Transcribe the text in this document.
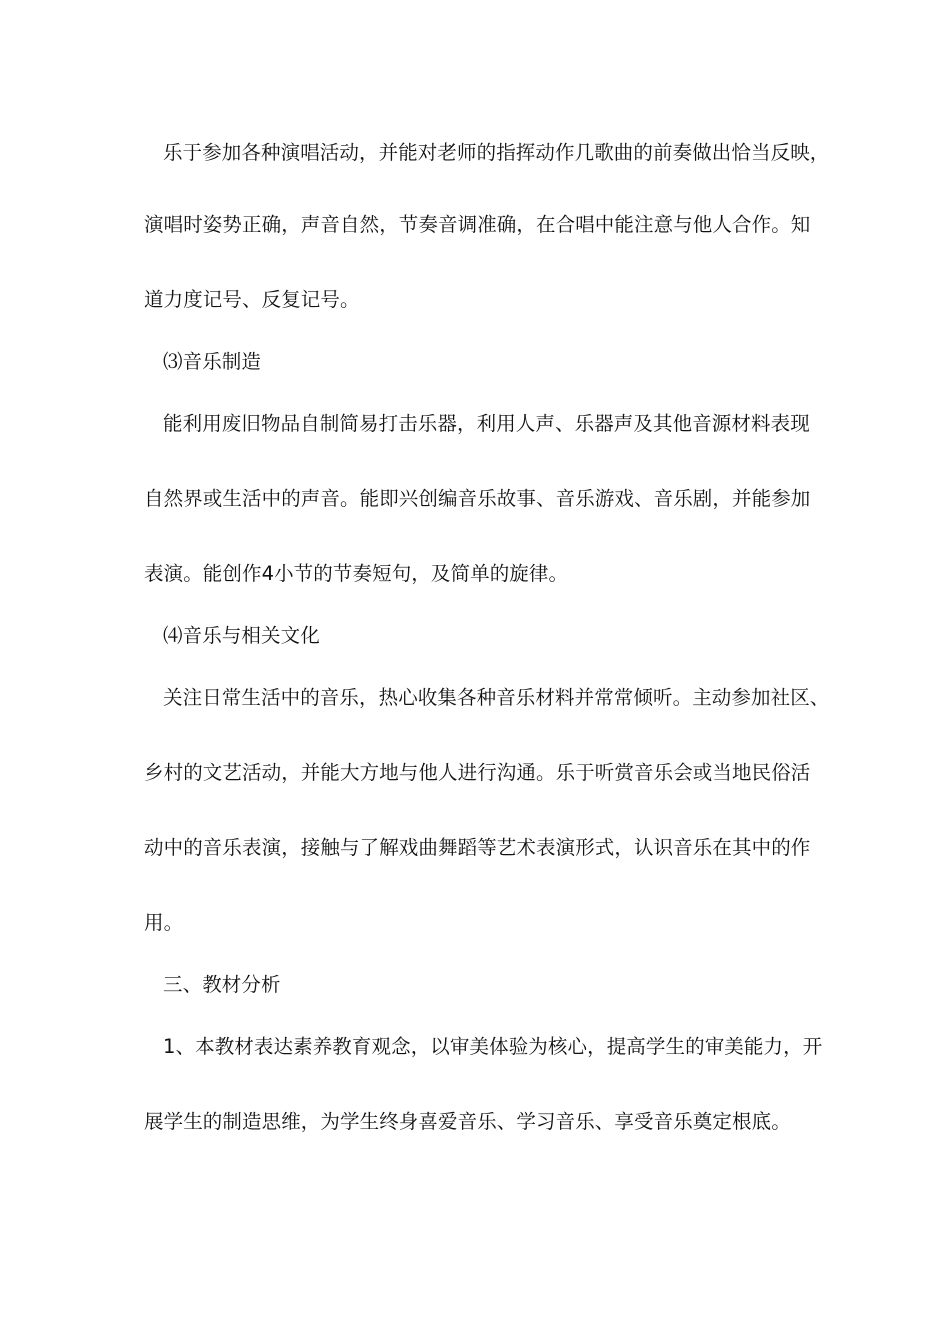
乐于参加各种演唱活动，并能对老师的指挥动作几歌曲的前奏做出恰当反映，
演唱时姿势正确，声音自然，节奏音调准确，在合唱中能注意与他人合作。知
道力度记号、反复记号。
⑶音乐制造
能利用废旧物品自制简易打击乐器，利用人声、乐器声及其他音源材料表现
自然界或生活中的声音。能即兴创编音乐故事、音乐游戏、音乐剧，并能参加
表演。能创作4小节的节奏短句，及简单的旋律。
⑷音乐与相关文化
关注日常生活中的音乐，热心收集各种音乐材料并常常倾听。主动参加社区、
乡村的文艺活动，并能大方地与他人进行沟通。乐于听赏音乐会或当地民俗活
动中的音乐表演，接触与了解戏曲舞蹈等艺术表演形式，认识音乐在其中的作
用。
三、教材分析
1、本教材表达素养教育观念，以审美体验为核心，提高学生的审美能力，开
展学生的制造思维，为学生终身喜爱音乐、学习音乐、享受音乐奠定根底。
